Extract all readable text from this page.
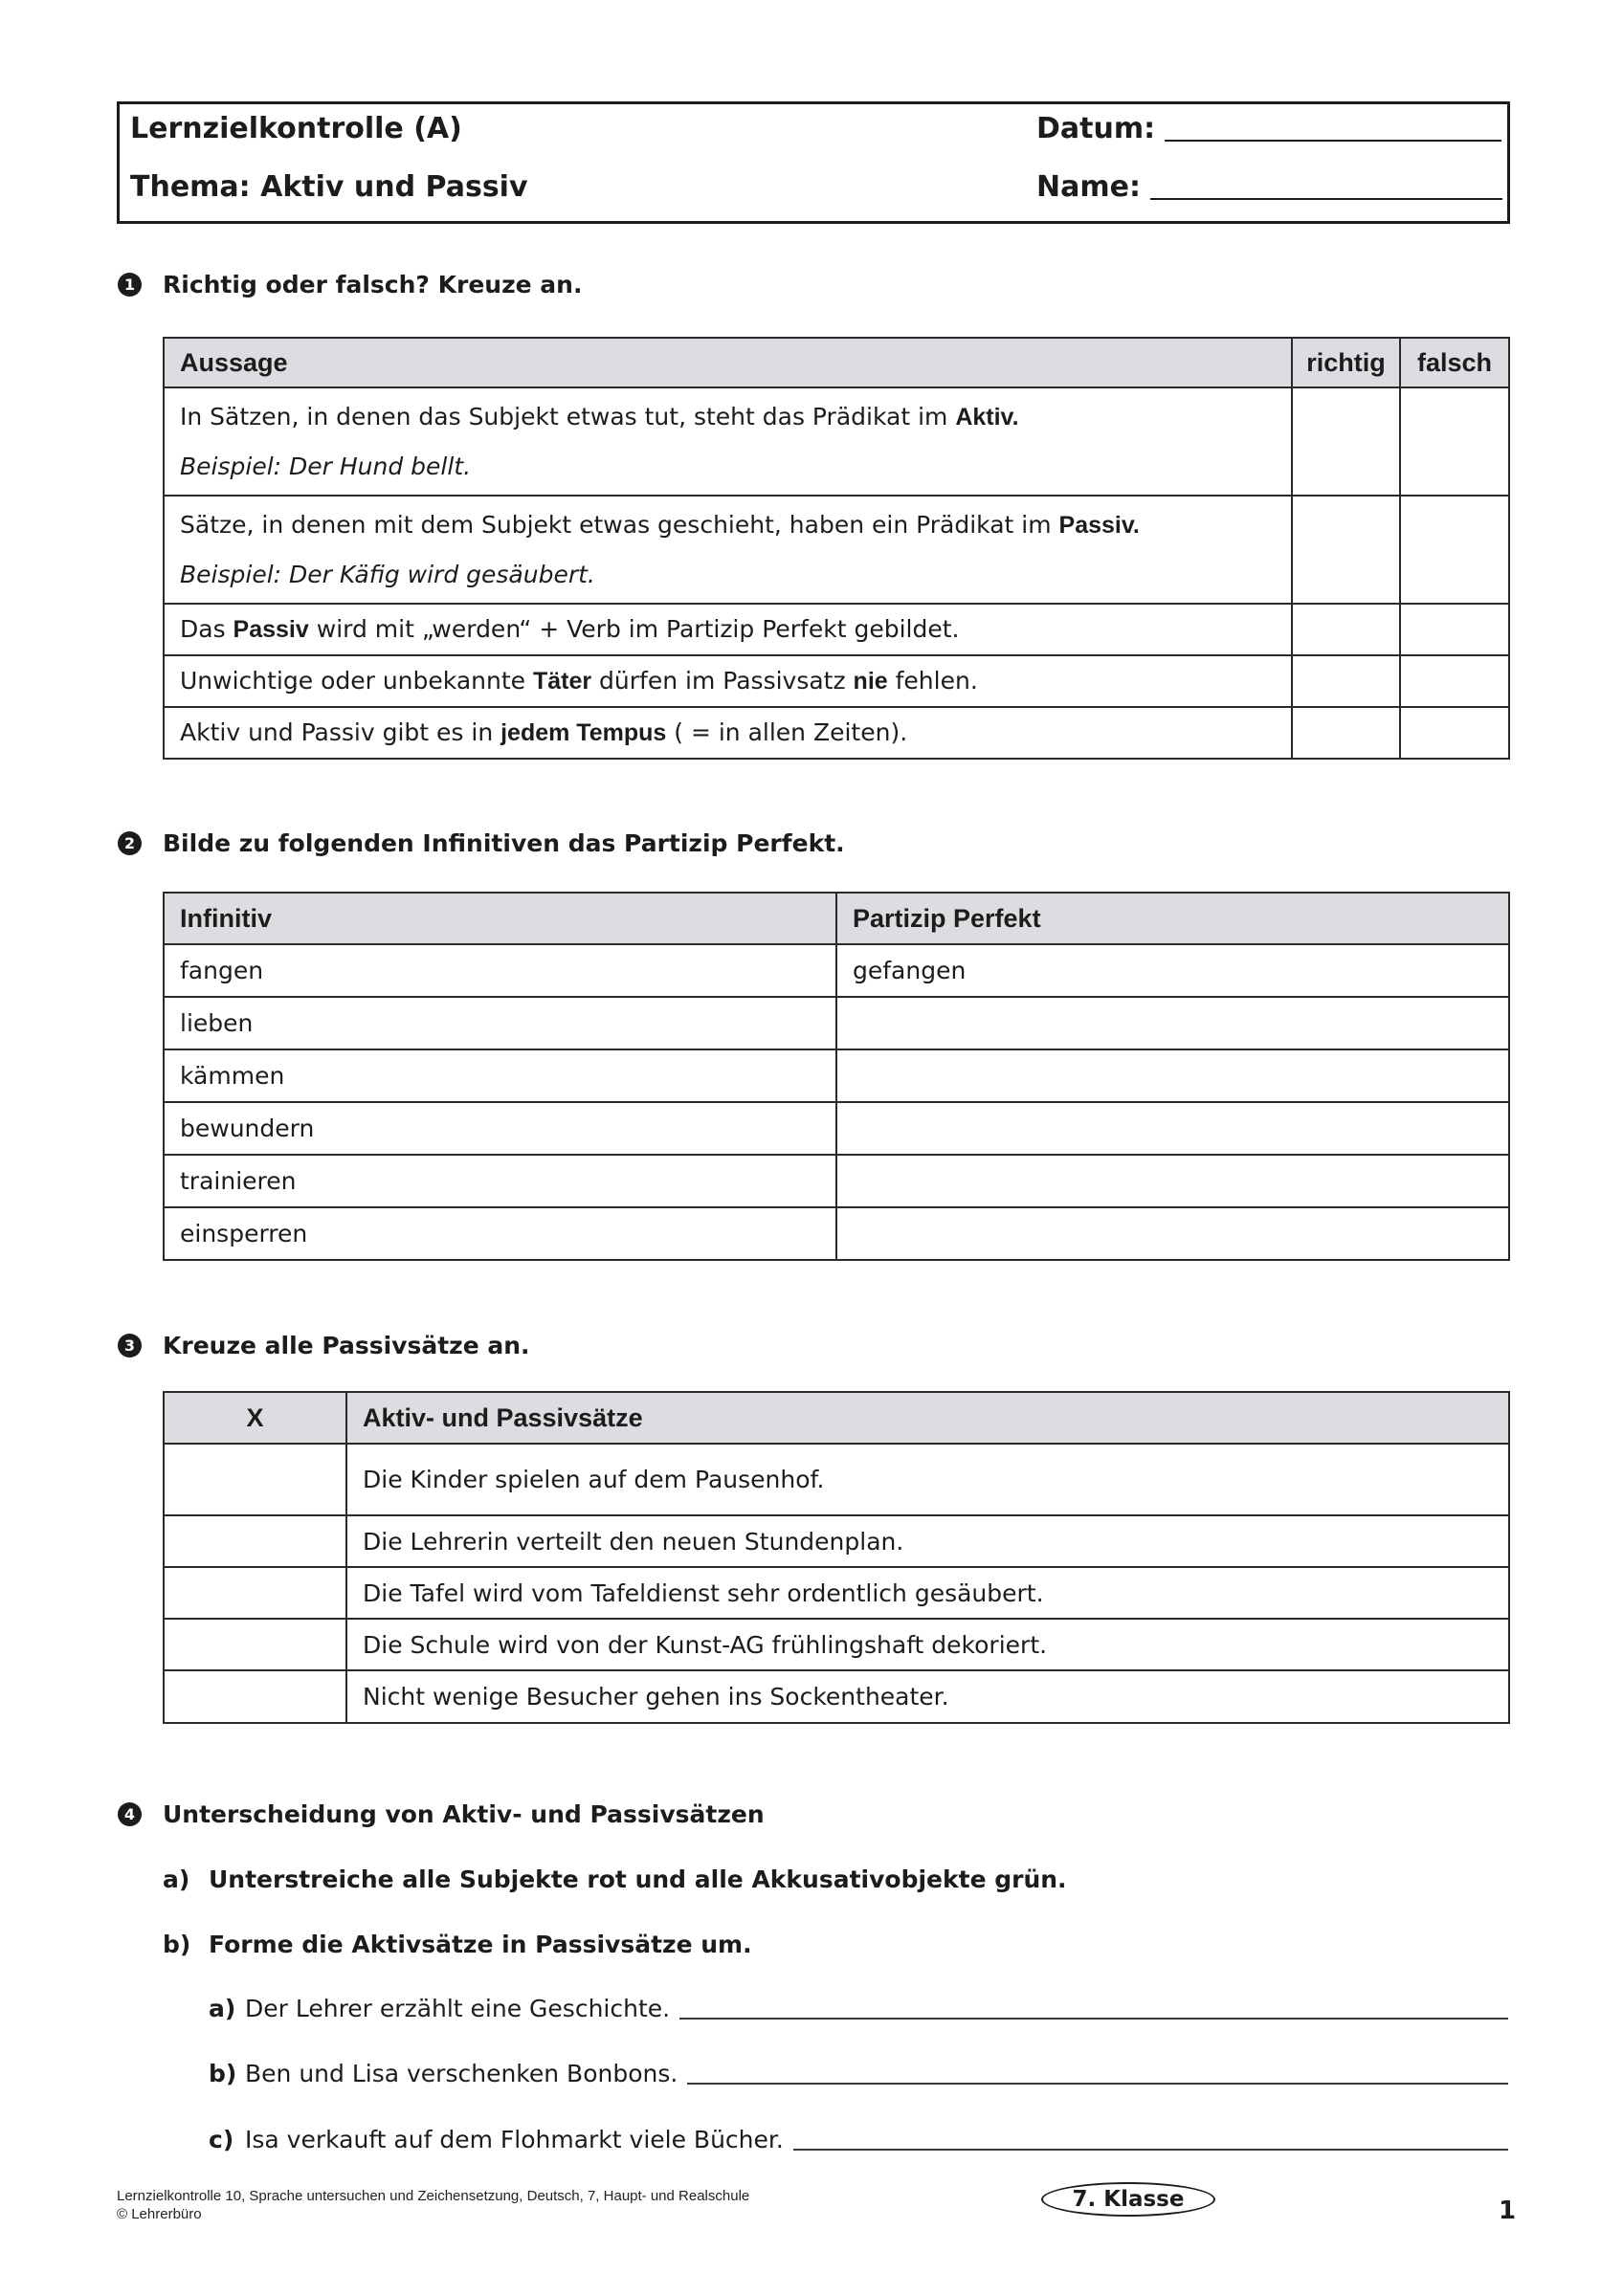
Lernzielkontrolle (A)
Thema: Aktiv und Passiv
Datum:
Name:
1 Richtig oder falsch? Kreuze an.
Aussage	richtig	falsch

In Sätzen, in denen das Subjekt etwas tut, steht das Prädikat im Aktiv.
Beispiel: Der Hund bellt.		

Sätze, in denen mit dem Subjekt etwas geschieht, haben ein Prädikat im Passiv.
Beispiel: Der Käfig wird gesäubert.		

Das Passiv wird mit „werden“ + Verb im Partizip Perfekt gebildet.		
Unwichtige oder unbekannte Täter dürfen im Passivsatz nie fehlen.		
Aktiv und Passiv gibt es in jedem Tempus ( = in allen Zeiten).		
2 Bilde zu folgenden Infinitiven das Partizip Perfekt.
Infinitiv	Partizip Perfekt
fangen	gefangen
lieben	
kämmen	
bewundern	
trainieren	
einsperren	
3 Kreuze alle Passivsätze an.
X	Aktiv- und Passivsätze
	Die Kinder spielen auf dem Pausenhof.
	Die Lehrerin verteilt den neuen Stundenplan.
	Die Tafel wird vom Tafeldienst sehr ordentlich gesäubert.
	Die Schule wird von der Kunst-AG frühlingshaft dekoriert.
	Nicht wenige Besucher gehen ins Sockentheater.
4 Unterscheidung von Aktiv- und Passivsätzen
a) Unterstreiche alle Subjekte rot und alle Akkusativobjekte grün.
b) Forme die Aktivsätze in Passivsätze um.
a) Der Lehrer erzählt eine Geschichte.
b) Ben und Lisa verschenken Bonbons.
c) Isa verkauft auf dem Flohmarkt viele Bücher.
Lernzielkontrolle 10, Sprache untersuchen und Zeichensetzung, Deutsch, 7, Haupt- und Realschule
© Lehrerbüro
7. Klasse	1
